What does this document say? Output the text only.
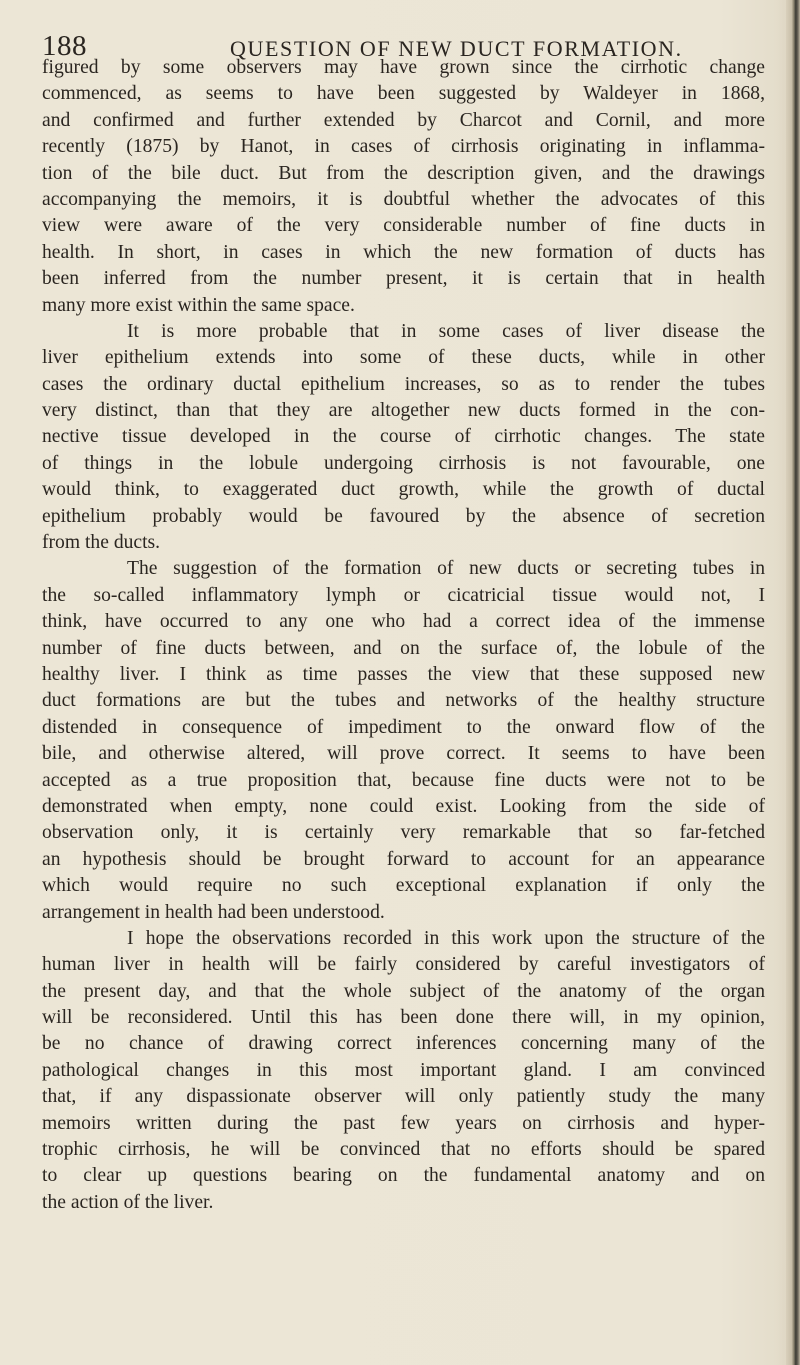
188	QUESTION OF NEW DUCT FORMATION.
figured by some observers may have grown since the cirrhotic change
commenced, as seems to have been suggested by Waldeyer in 1868,
and confirmed and further extended by Charcot and Cornil, and more
recently (1875) by Hanot, in cases of cirrhosis originating in inflamma-
tion of the bile duct. But from the description given, and the drawings
accompanying the memoirs, it is doubtful whether the advocates of this
view were aware of the very considerable number of fine ducts in
health. In short, in cases in which the new formation of ducts has
been inferred from the number present, it is certain that in health
many more exist within the same space.
It is more probable that in some cases of liver disease the
liver epithelium extends into some of these ducts, while in other
cases the ordinary ductal epithelium increases, so as to render the tubes
very distinct, than that they are altogether new ducts formed in the con-
nective tissue developed in the course of cirrhotic changes. The state
of things in the lobule undergoing cirrhosis is not favourable, one
would think, to exaggerated duct growth, while the growth of ductal
epithelium probably would be favoured by the absence of secretion
from the ducts.
The suggestion of the formation of new ducts or secreting tubes in
the so-called inflammatory lymph or cicatricial tissue would not, I
think, have occurred to any one who had a correct idea of the immense
number of fine ducts between, and on the surface of, the lobule of the
healthy liver. I think as time passes the view that these supposed new
duct formations are but the tubes and networks of the healthy structure
distended in consequence of impediment to the onward flow of the
bile, and otherwise altered, will prove correct. It seems to have been
accepted as a true proposition that, because fine ducts were not to be
demonstrated when empty, none could exist. Looking from the side of
observation only, it is certainly very remarkable that so far-fetched
an hypothesis should be brought forward to account for an appearance
which would require no such exceptional explanation if only the
arrangement in health had been understood.
I hope the observations recorded in this work upon the structure of the
human liver in health will be fairly considered by careful investigators of
the present day, and that the whole subject of the anatomy of the organ
will be reconsidered. Until this has been done there will, in my opinion,
be no chance of drawing correct inferences concerning many of the
pathological changes in this most important gland. I am convinced
that, if any dispassionate observer will only patiently study the many
memoirs written during the past few years on cirrhosis and hyper-
trophic cirrhosis, he will be convinced that no efforts should be spared
to clear up questions bearing on the fundamental anatomy and on
the action of the liver.
